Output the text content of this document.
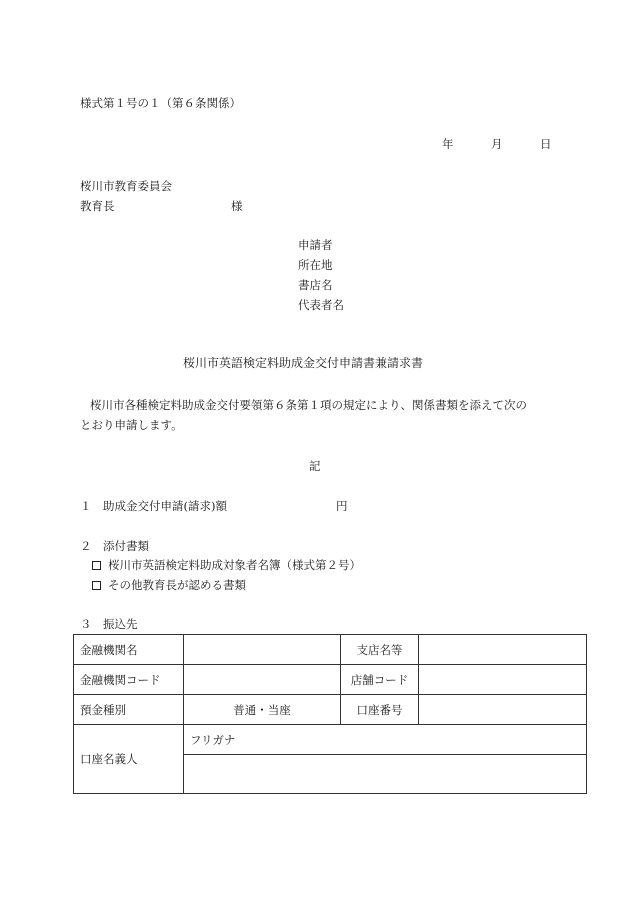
様式第１号の１（第６条関係）
年	月	日
桜川市教育委員会
教育長	様
申請者
所在地
書店名
代表者名
桜川市英語検定料助成金交付申請書兼請求書
桜川市各種検定料助成金交付要領第６条第１項の規定により、関係書類を添えて次の
とおり申請します。
記
１　助成金交付申請(請求)額	円
２　添付書類
桜川市英語検定料助成対象者名簿（様式第２号）
その他教育長が認める書類
３　振込先
金融機関名		支店名等	
金融機関コード		店舗コード	
預金種別	普通・当座	口座番号	
口座名義人	フリガナ		
